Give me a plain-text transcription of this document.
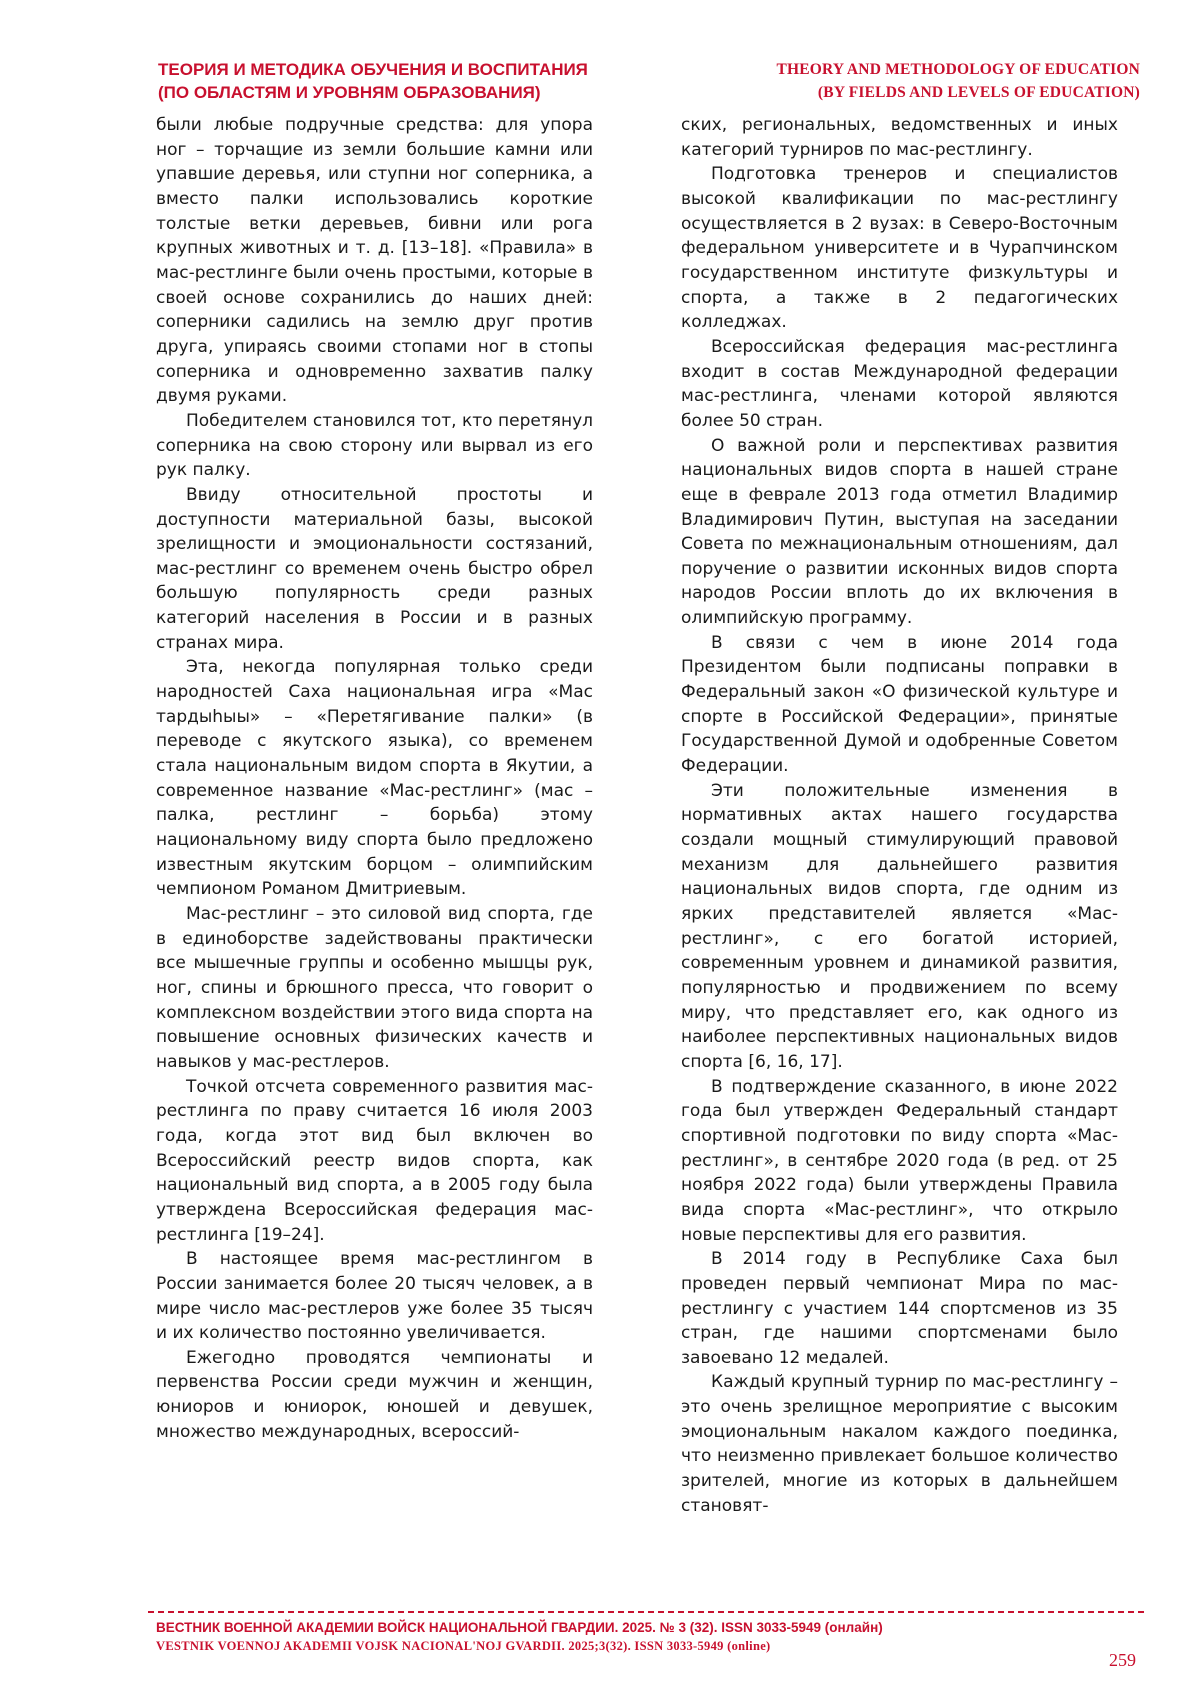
ТЕОРИЯ И МЕТОДИКА ОБУЧЕНИЯ И ВОСПИТАНИЯ
(ПО ОБЛАСТЯМ И УРОВНЯМ ОБРАЗОВАНИЯ)
THEORY AND METHODOLOGY OF EDUCATION
(BY FIELDS AND LEVELS OF EDUCATION)

были любые подручные средства: для упора ног – торчащие из земли большие камни или упавшие деревья, или ступни ног соперника, а вместо палки использовались короткие толстые ветки деревьев, бивни или рога крупных животных и т. д. [13–18]. «Правила» в мас-рестлинге были очень простыми, которые в своей основе сохранились до наших дней: соперники садились на землю друг против друга, упираясь своими стопами ног в стопы соперника и одновременно захватив палку двумя руками.

Победителем становился тот, кто перетянул соперника на свою сторону или вырвал из его рук палку.

Ввиду относительной простоты и доступности материальной базы, высокой зрелищности и эмоциональности состязаний, мас-рестлинг со временем очень быстро обрел большую популярность среди разных категорий населения в России и в разных странах мира.

Эта, некогда популярная только среди народностей Саха национальная игра «Мас тардыhыы» – «Перетягивание палки» (в переводе с якутского языка), со временем стала национальным видом спорта в Якутии, а современное название «Мас-рестлинг» (мас – палка, рестлинг – борьба) этому национальному виду спорта было предложено известным якутским борцом – олимпийским чемпионом Романом Дмитриевым.

Мас-рестлинг – это силовой вид спорта, где в единоборстве задействованы практически все мышечные группы и особенно мышцы рук, ног, спины и брюшного пресса, что говорит о комплексном воздействии этого вида спорта на повышение основных физических качеств и навыков у мас-рестлеров.

Точкой отсчета современного развития мас-рестлинга по праву считается 16 июля 2003 года, когда этот вид был включен во Всероссийский реестр видов спорта, как национальный вид спорта, а в 2005 году была утверждена Всероссийская федерация мас-рестлинга [19–24].

В настоящее время мас-рестлингом в России занимается более 20 тысяч человек, а в мире число мас-рестлеров уже более 35 тысяч и их количество постоянно увеличивается.

Ежегодно проводятся чемпионаты и первенства России среди мужчин и женщин, юниоров и юниорок, юношей и девушек, множество международных, всероссий-

ских, региональных, ведомственных и иных категорий турниров по мас-рестлингу.

Подготовка тренеров и специалистов высокой квалификации по мас-рестлингу осуществляется в 2 вузах: в Северо-Восточным федеральном университете и в Чурапчинском государственном институте физкультуры и спорта, а также в 2 педагогических колледжах.

Всероссийская федерация мас-рестлинга входит в состав Международной федерации мас-рестлинга, членами которой являются более 50 стран.

О важной роли и перспективах развития национальных видов спорта в нашей стране еще в феврале 2013 года отметил Владимир Владимирович Путин, выступая на заседании Совета по межнациональным отношениям, дал поручение о развитии исконных видов спорта народов России вплоть до их включения в олимпийскую программу.

В связи с чем в июне 2014 года Президентом были подписаны поправки в Федеральный закон «О физической культуре и спорте в Российской Федерации», принятые Государственной Думой и одобренные Советом Федерации.

Эти положительные изменения в нормативных актах нашего государства создали мощный стимулирующий правовой механизм для дальнейшего развития национальных видов спорта, где одним из ярких представителей является «Мас-рестлинг», с его богатой историей, современным уровнем и динамикой развития, популярностью и продвижением по всему миру, что представляет его, как одного из наиболее перспективных национальных видов спорта [6, 16, 17].

В подтверждение сказанного, в июне 2022 года был утвержден Федеральный стандарт спортивной подготовки по виду спорта «Мас-рестлинг», в сентябре 2020 года (в ред. от 25 ноября 2022 года) были утверждены Правила вида спорта «Мас-рестлинг», что открыло новые перспективы для его развития.

В 2014 году в Республике Саха был проведен первый чемпионат Мира по мас-рестлингу с участием 144 спортсменов из 35 стран, где нашими спортсменами было завоевано 12 медалей.

Каждый крупный турнир по мас-рестлингу – это очень зрелищное мероприятие с высоким эмоциональным накалом каждого поединка, что неизменно привлекает большое количество зрителей, многие из которых в дальнейшем становят-

ВЕСТНИК ВОЕННОЙ АКАДЕМИИ ВОЙСК НАЦИОНАЛЬНОЙ ГВАРДИИ. 2025. № 3 (32). ISSN 3033-5949 (онлайн)
VESTNIK VOENNOJ AKADEMII VOJSK NACIONAL'NOJ GVARDII. 2025;3(32). ISSN 3033-5949 (online)
259
